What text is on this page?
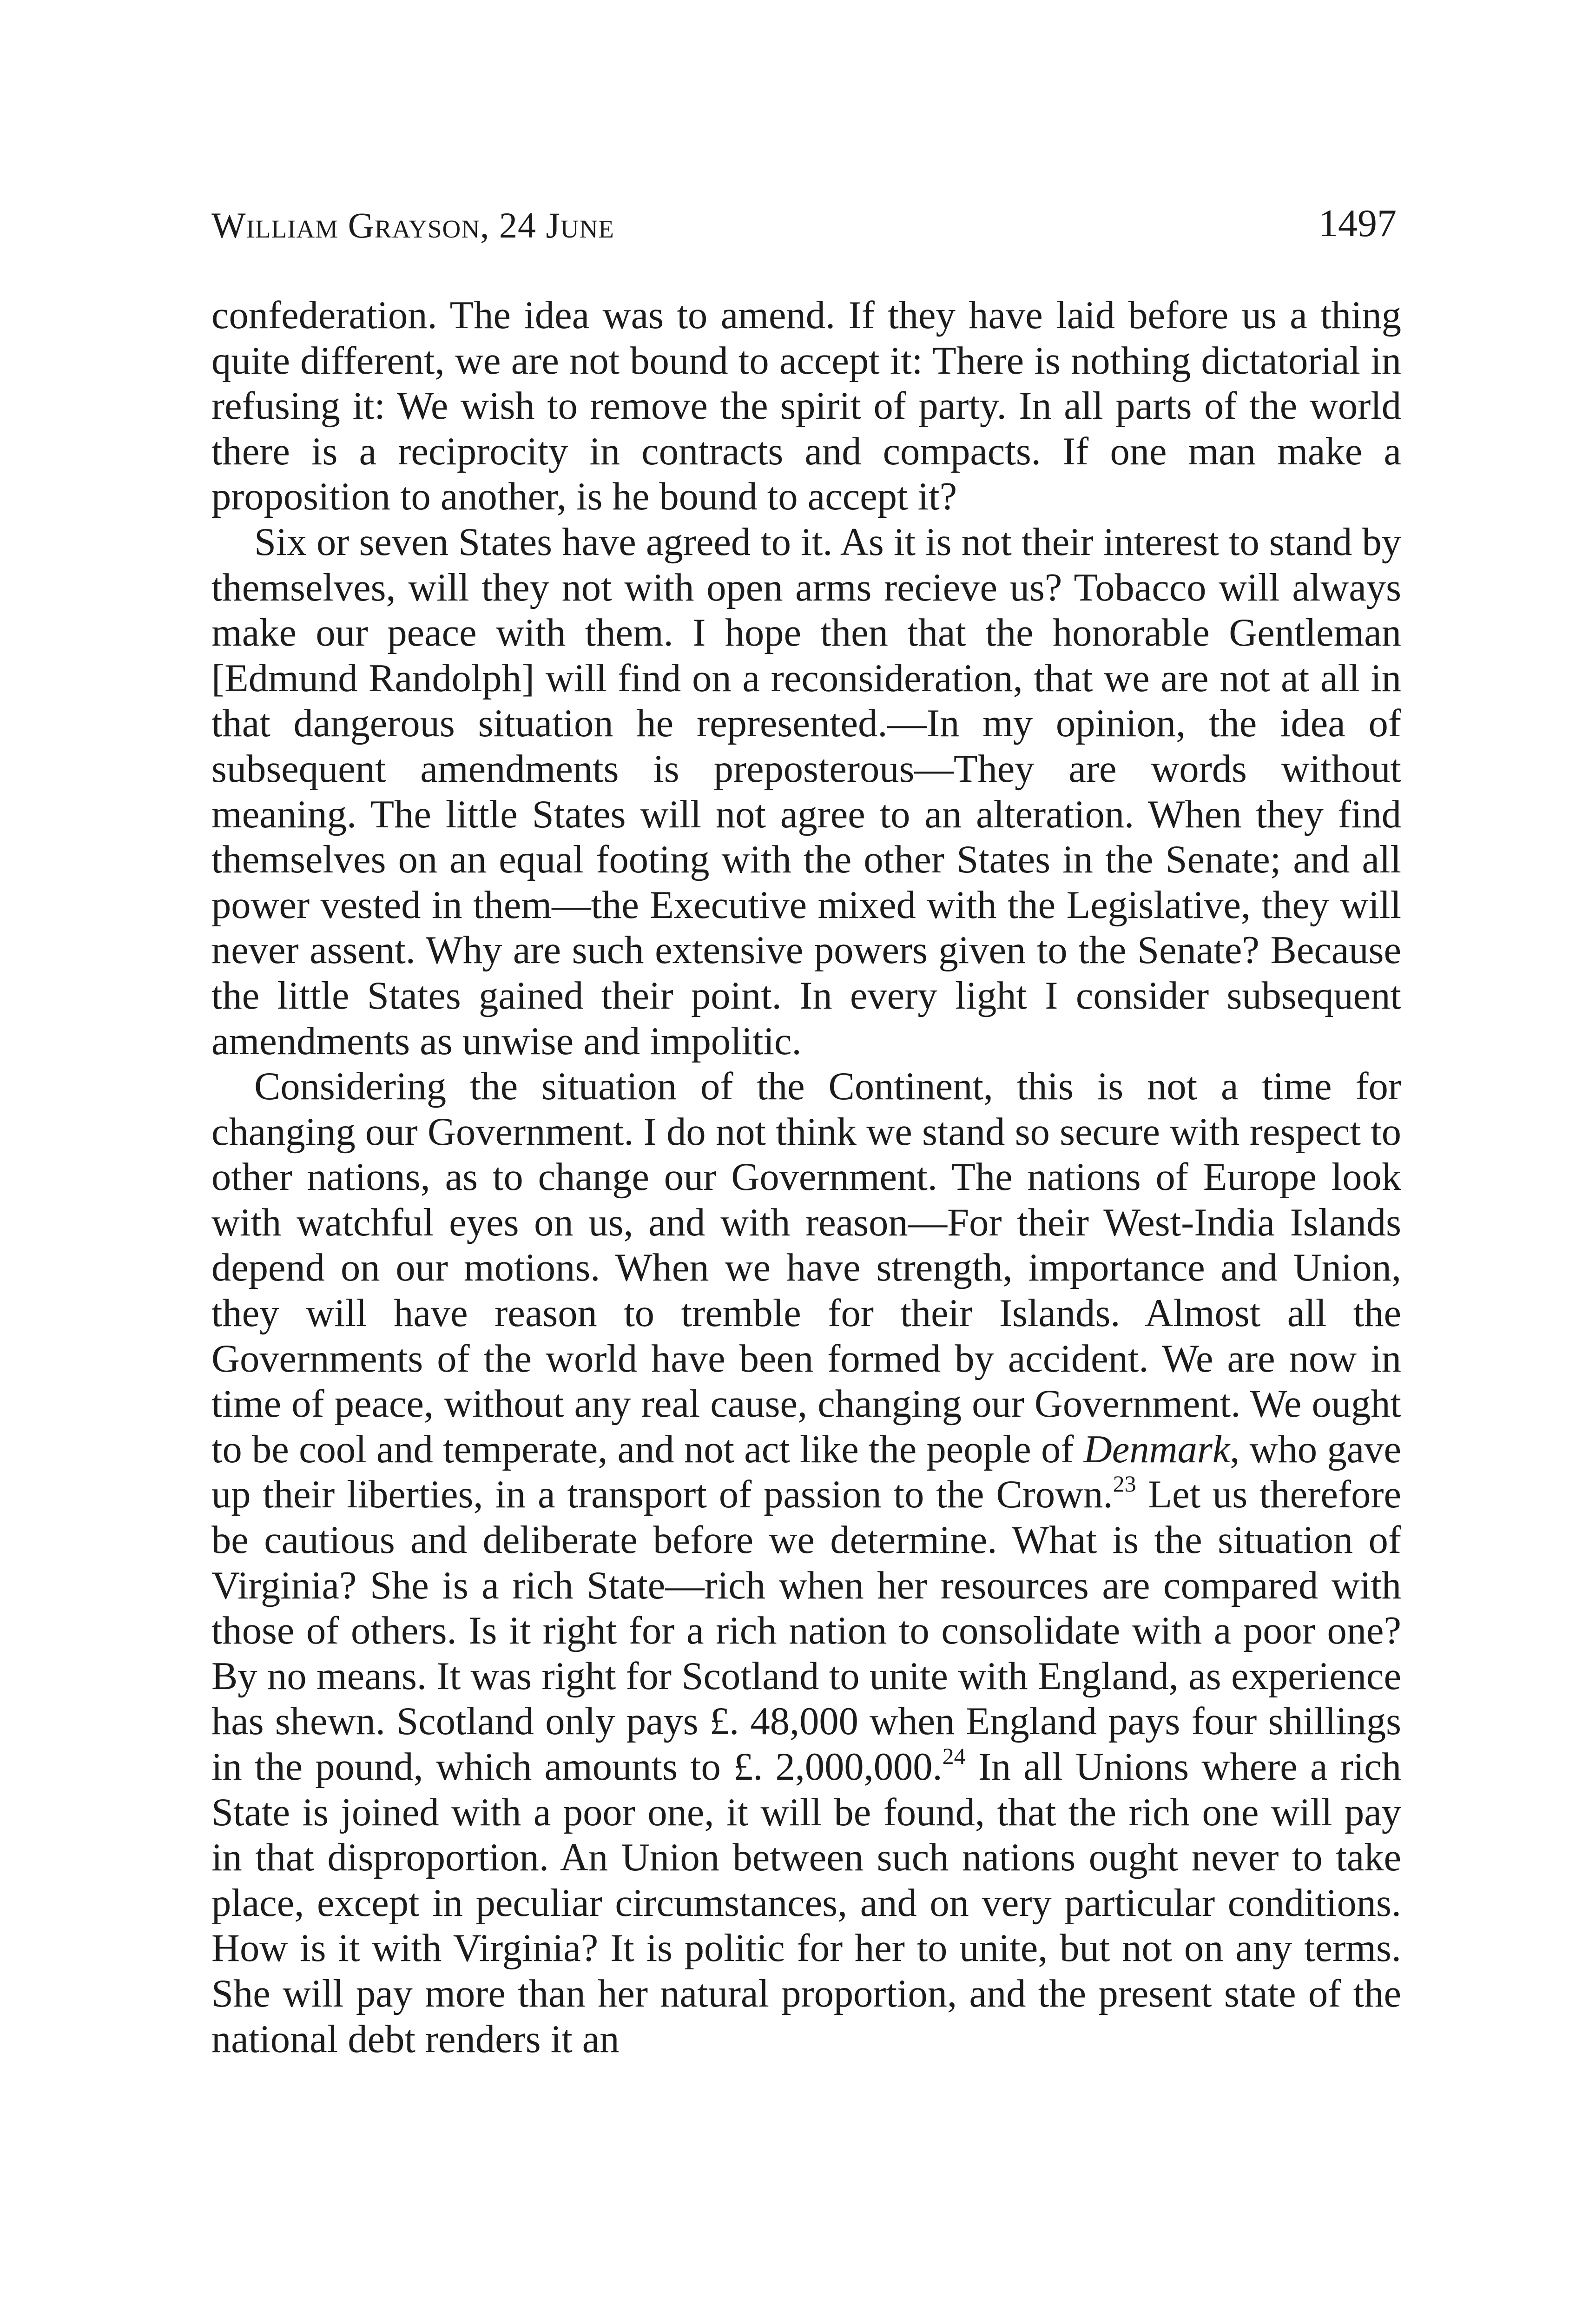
William Grayson, 24 June	1497

confederation. The idea was to amend. If they have laid before us a thing quite different, we are not bound to accept it: There is nothing dictatorial in refusing it: We wish to remove the spirit of party. In all parts of the world there is a reciprocity in contracts and compacts. If one man make a proposition to another, is he bound to accept it?

Six or seven States have agreed to it. As it is not their interest to stand by themselves, will they not with open arms recieve us? Tobacco will always make our peace with them. I hope then that the honorable Gentleman [Edmund Randolph] will find on a reconsideration, that we are not at all in that dangerous situation he represented.—In my opinion, the idea of subsequent amendments is preposterous—They are words without meaning. The little States will not agree to an alteration. When they find themselves on an equal footing with the other States in the Senate; and all power vested in them—the Executive mixed with the Legislative, they will never assent. Why are such extensive powers given to the Senate? Because the little States gained their point. In every light I consider subsequent amendments as unwise and impolitic.

Considering the situation of the Continent, this is not a time for changing our Government. I do not think we stand so secure with respect to other nations, as to change our Government. The nations of Europe look with watchful eyes on us, and with reason—For their West-India Islands depend on our motions. When we have strength, importance and Union, they will have reason to tremble for their Islands. Almost all the Governments of the world have been formed by accident. We are now in time of peace, without any real cause, changing our Government. We ought to be cool and temperate, and not act like the people of Denmark, who gave up their liberties, in a transport of passion to the Crown.$^{23}$ Let us therefore be cautious and deliberate before we determine. What is the situation of Virginia? She is a rich State—rich when her resources are compared with those of others. Is it right for a rich nation to consolidate with a poor one? By no means. It was right for Scotland to unite with England, as experience has shewn. Scotland only pays £. 48,000 when England pays four shillings in the pound, which amounts to £. 2,000,000.24 In all Unions where a rich State is joined with a poor one, it will be found, that the rich one will pay in that disproportion. An Union between such nations ought never to take place, except in peculiar circumstances, and on very particular conditions. How is it with Virginia? It is politic for her to unite, but not on any terms. She will pay more than her natural proportion, and the present state of the national debt renders it an
